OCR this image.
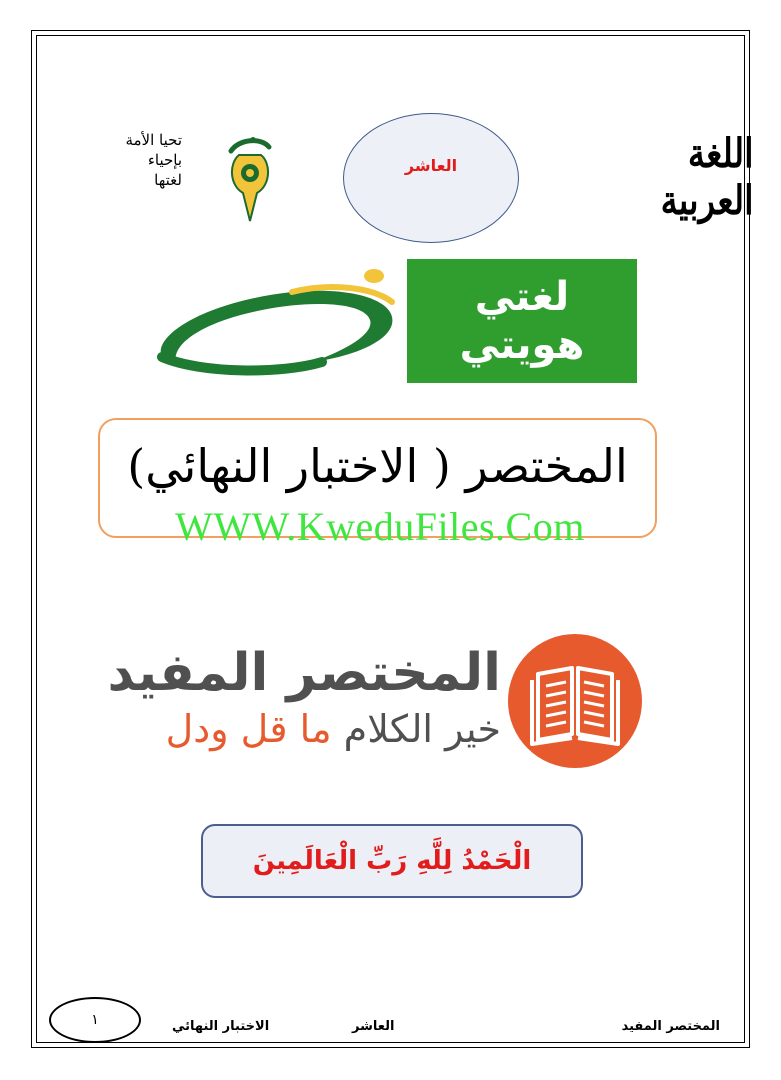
اللغة العربية
العاشر
تحيا الأمة
بإحياء
لغتها
لغتي
هويتي
المختصر ( الاختبار النهائي)
WWW.KweduFiles.Com
المختصر المفيد
خير الكلام ما قل ودل
الْحَمْدُ لِلَّهِ رَبِّ الْعَالَمِينَ
المختصر المفيد
العاشر
الاختبار النهائي
١
